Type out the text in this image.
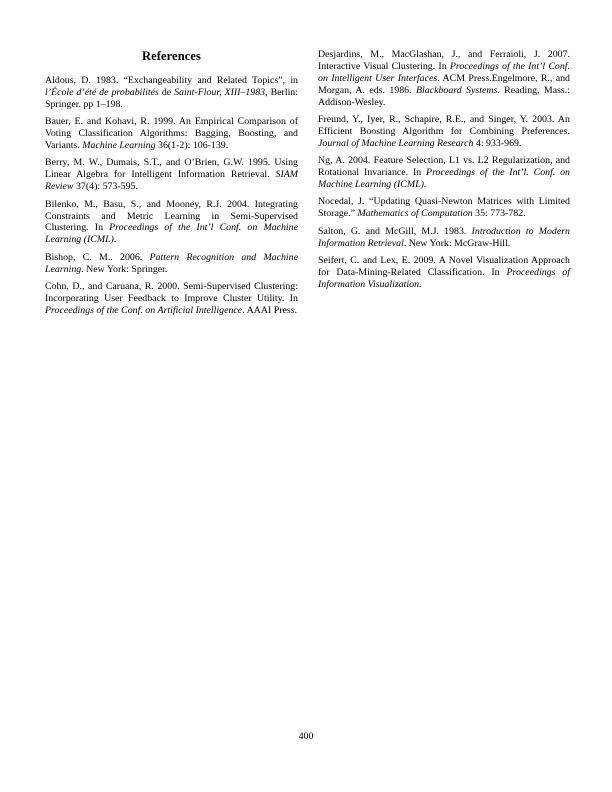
References

Aldous, D. 1983. “Exchangeability and Related Topics”, in l’École d’été de probabilités de Saint-Flour, XIII–1983, Berlin: Springer. pp 1–198.

Bauer, E. and Kohavi, R. 1999. An Empirical Comparison of Voting Classification Algorithms: Bagging, Boosting, and Variants. Machine Learning 36(1-2): 106-139.

Berry, M. W., Dumais, S.T., and O’Brien, G.W. 1995. Using Linear Algebra for Intelligent Information Retrieval. SIAM Review 37(4): 573-595.

Bilenko, M., Basu, S., and Mooney, R.J. 2004. Integrating Constraints and Metric Learning in Semi-Supervised Clustering. In Proceedings of the Int’l Conf. on Machine Learning (ICML).

Bishop, C. M.. 2006. Pattern Recognition and Machine Learning. New York: Springer.

Cohn, D., and Caruana, R. 2000. Semi-Supervised Clustering: Incorporating User Feedback to Improve Cluster Utility. In Proceedings of the Conf. on Artificial Intelligence. AAAI Press.

Desjardins, M., MacGlashan, J., and Ferraioli, J. 2007. Interactive Visual Clustering. In Proceedings of the Int’l Conf. on Intelligent User Interfaces. ACM Press.Engelmore, R., and Morgan, A. eds. 1986. Blackboard Systems. Reading, Mass.: Addison-Wesley.

Freund, Y., Iyer, R., Schapire, R.E., and Singer, Y. 2003. An Efficient Boosting Algorithm for Combining Preferences. Journal of Machine Learning Research 4: 933-969.

Ng, A. 2004. Feature Selection, L1 vs. L2 Regularization, and Rotational Invariance. In Proceedings of the Int’l. Conf. on Machine Learning (ICML).

Nocedal, J. “Updating Quasi-Newton Matrices with Limited Storage.” Mathematics of Computation 35: 773-782.

Salton, G. and McGill, M.J. 1983. Introduction to Modern Information Retrieval. New York: McGraw-Hill.

Seifert, C. and Lex, E. 2009. A Novel Visualization Approach for Data-Mining-Related Classification. In Proceedings of Information Visualization.

400
